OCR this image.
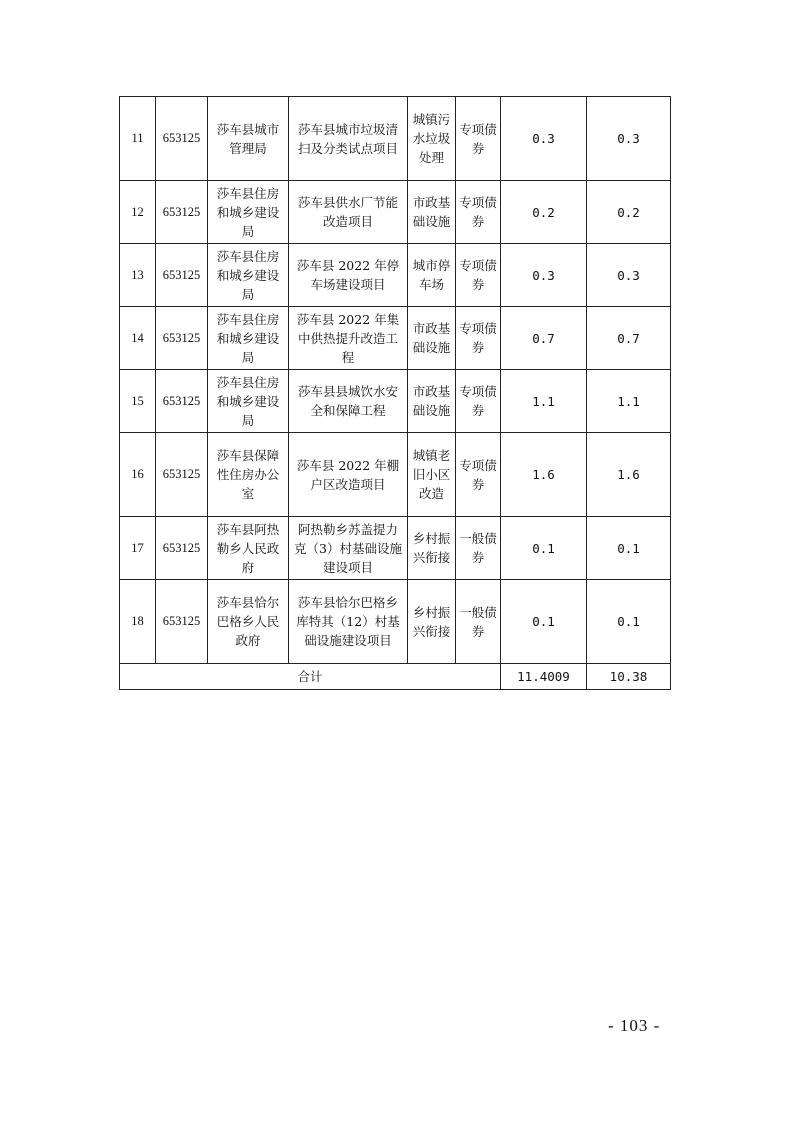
11	653125	莎车县城市管理局	莎车县城市垃圾清扫及分类试点项目	城镇污水垃圾处理	专项债券	0.3	0.3
12	653125	莎车县住房和城乡建设局	莎车县供水厂节能改造项目	市政基础设施	专项债券	0.2	0.2
13	653125	莎车县住房和城乡建设局	莎车县 2022 年停车场建设项目	城市停车场	专项债券	0.3	0.3
14	653125	莎车县住房和城乡建设局	莎车县 2022 年集中供热提升改造工程	市政基础设施	专项债券	0.7	0.7
15	653125	莎车县住房和城乡建设局	莎车县县城饮水安全和保障工程	市政基础设施	专项债券	1.1	1.1
16	653125	莎车县保障性住房办公室	莎车县 2022 年棚户区改造项目	城镇老旧小区改造	专项债券	1.6	1.6
17	653125	莎车县阿热勒乡人民政府	阿热勒乡苏盖提力克（3）村基础设施建设项目	乡村振兴衔接	一般债券	0.1	0.1
18	653125	莎车县恰尔巴格乡人民政府	莎车县恰尔巴格乡库特其（12）村基础设施建设项目	乡村振兴衔接	一般债券	0.1	0.1
合计						11.4009	10.38
- 103 -
